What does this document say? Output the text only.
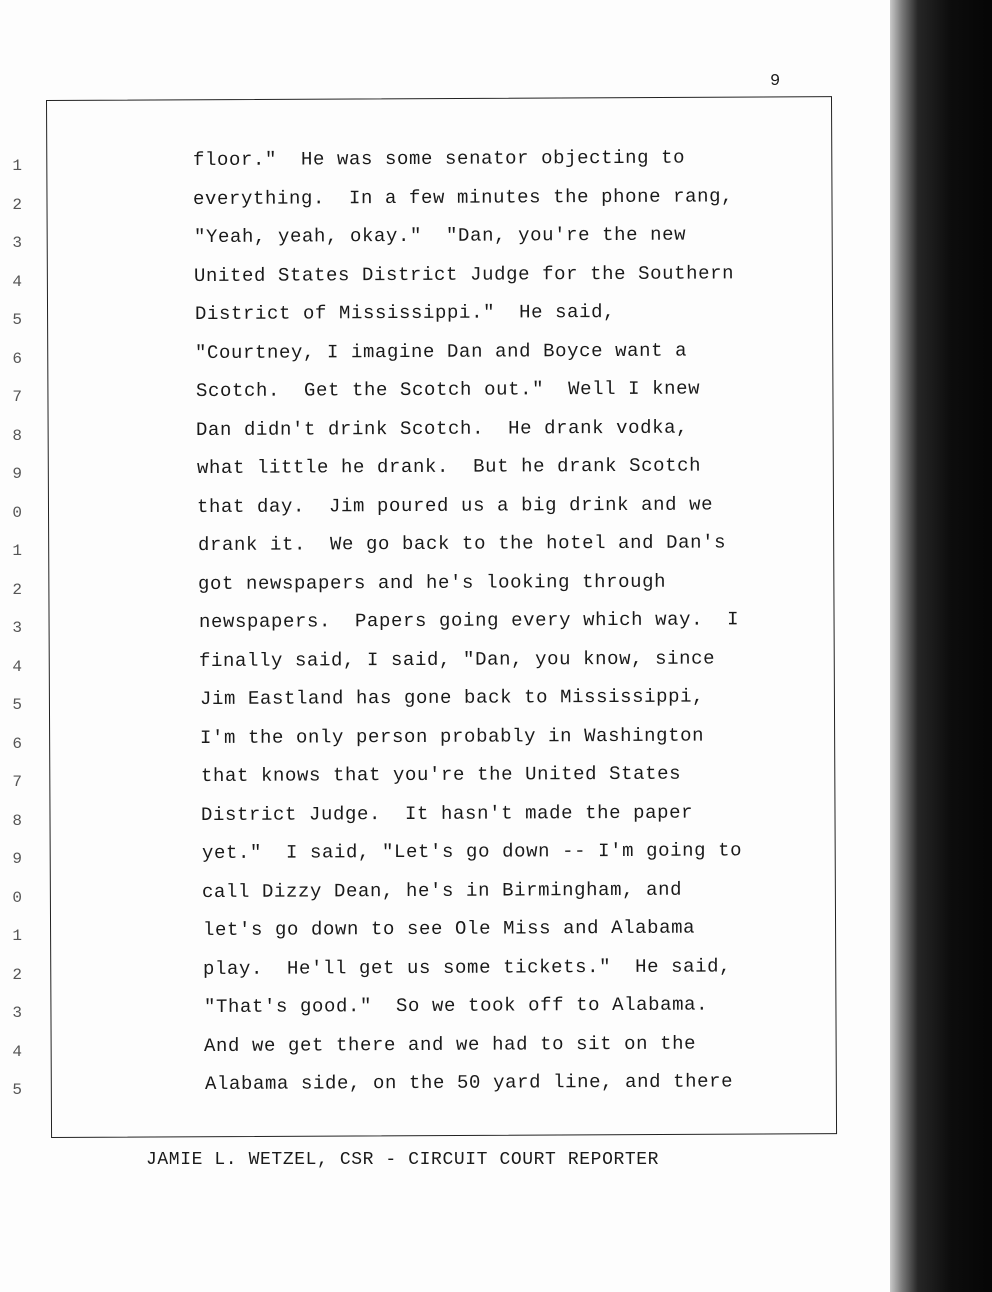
9
1
2
3
4
5
6
7
8
9
0
1
2
3
4
5
6
7
8
9
0
1
2
3
4
5
floor."  He was some senator objecting to
everything.  In a few minutes the phone rang,
"Yeah, yeah, okay."  "Dan, you're the new
United States District Judge for the Southern
District of Mississippi."  He said,
"Courtney, I imagine Dan and Boyce want a
Scotch.  Get the Scotch out."  Well I knew
Dan didn't drink Scotch.  He drank vodka,
what little he drank.  But he drank Scotch
that day.  Jim poured us a big drink and we
drank it.  We go back to the hotel and Dan's
got newspapers and he's looking through
newspapers.  Papers going every which way.  I
finally said, I said, "Dan, you know, since
Jim Eastland has gone back to Mississippi,
I'm the only person probably in Washington
that knows that you're the United States
District Judge.  It hasn't made the paper
yet."  I said, "Let's go down -- I'm going to
call Dizzy Dean, he's in Birmingham, and
let's go down to see Ole Miss and Alabama
play.  He'll get us some tickets."  He said,
"That's good."  So we took off to Alabama.
And we get there and we had to sit on the
Alabama side, on the 50 yard line, and there
JAMIE L. WETZEL, CSR - CIRCUIT COURT REPORTER
